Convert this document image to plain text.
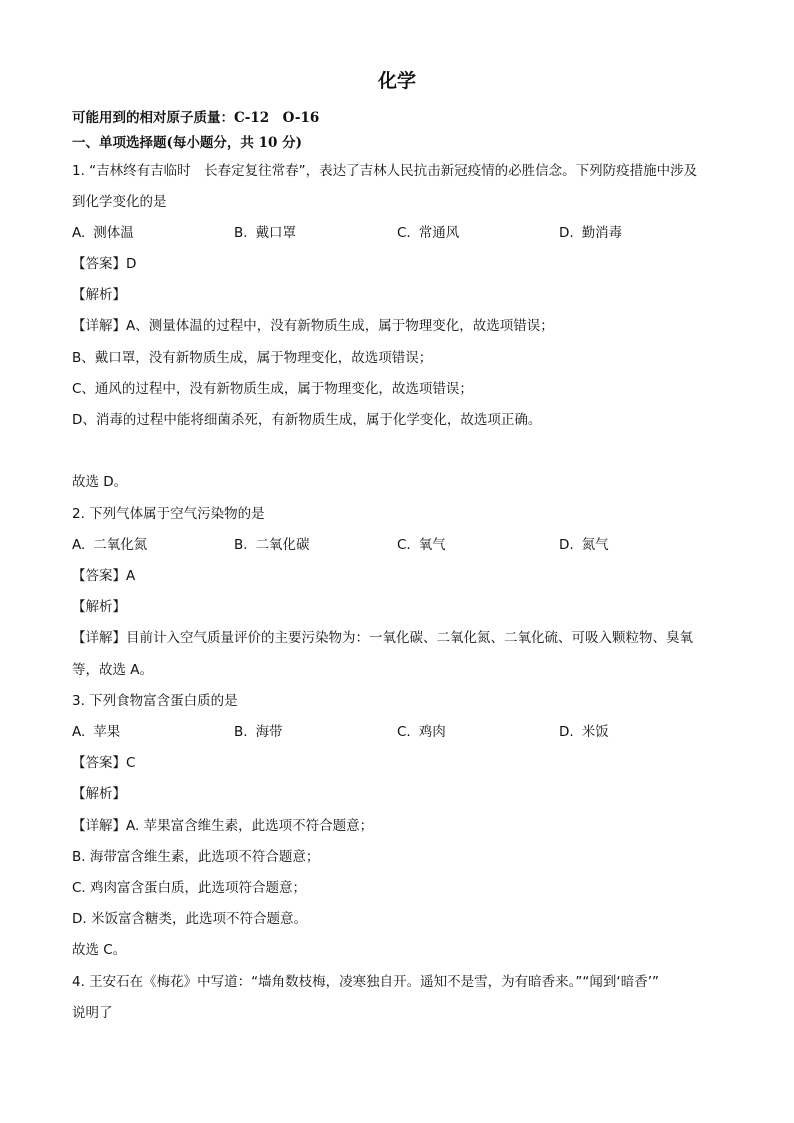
化学
可能用到的相对原子质量：C-12　O-16
一、单项选择题(每小题分，共 10 分)
1. “吉林终有吉临时　长春定复往常春”，表达了吉林人民抗击新冠疫情的必胜信念。下列防疫措施中涉及
到化学变化的是
A. 测体温	B. 戴口罩	C. 常通风	D. 勤消毒
【答案】D
【解析】
【详解】A、测量体温的过程中，没有新物质生成，属于物理变化，故选项错误；
B、戴口罩，没有新物质生成，属于物理变化，故选项错误；
C、通风的过程中，没有新物质生成，属于物理变化，故选项错误；
D、消毒的过程中能将细菌杀死，有新物质生成，属于化学变化，故选项正确。
故选 D。
2. 下列气体属于空气污染物的是
A. 二氧化氮	B. 二氧化碳	C. 氧气	D. 氮气
【答案】A
【解析】
【详解】目前计入空气质量评价的主要污染物为：一氧化碳、二氧化氮、二氧化硫、可吸入颗粒物、臭氧
等，故选 A。
3. 下列食物富含蛋白质的是
A. 苹果	B. 海带	C. 鸡肉	D. 米饭
【答案】C
【解析】
【详解】A. 苹果富含维生素，此选项不符合题意；
B. 海带富含维生素，此选项不符合题意；
C. 鸡肉富含蛋白质，此选项符合题意；
D. 米饭富含糖类，此选项不符合题意。
故选 C。
4. 王安石在《梅花》中写道：“墙角数枝梅，凌寒独自开。遥知不是雪，为有暗香来。”“闻到‘暗香’”
说明了
